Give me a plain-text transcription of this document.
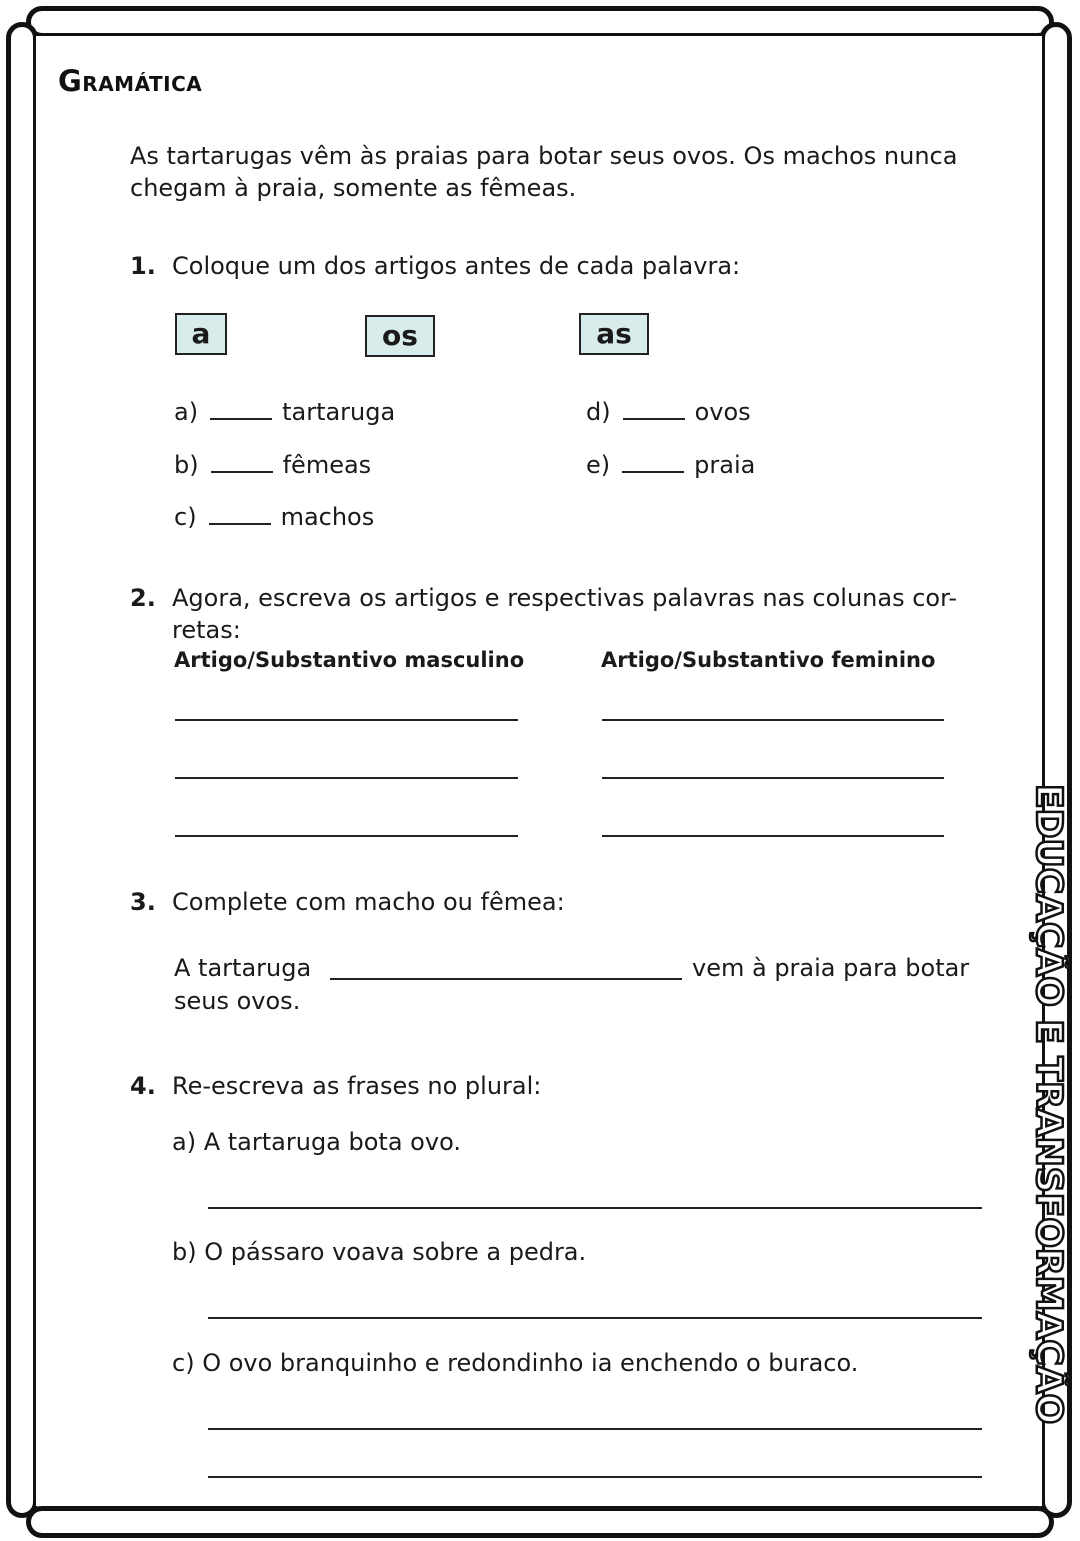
Gramática
As tartarugas vêm às praias para botar seus ovos. Os machos nunca chegam à praia, somente as fêmeas.
1. Coloque um dos artigos antes de cada palavra:
a	os	as
a)	tartaruga
b)	fêmeas
c)	machos
d)	ovos
e)	praia
2. Agora, escreva os artigos e respectivas palavras nas colunas cor-
retas:
Artigo/Substantivo masculino	Artigo/Substantivo feminino
3. Complete com macho ou fêmea:
A tartaruga	vem à praia para botar
seus ovos.
4. Re-escreva as frases no plural:
a) A tartaruga bota ovo.
b) O pássaro voava sobre a pedra.
c) O ovo branquinho e redondinho ia enchendo o buraco.	EDUCAÇÃO E TRANSFORMAÇÃO
